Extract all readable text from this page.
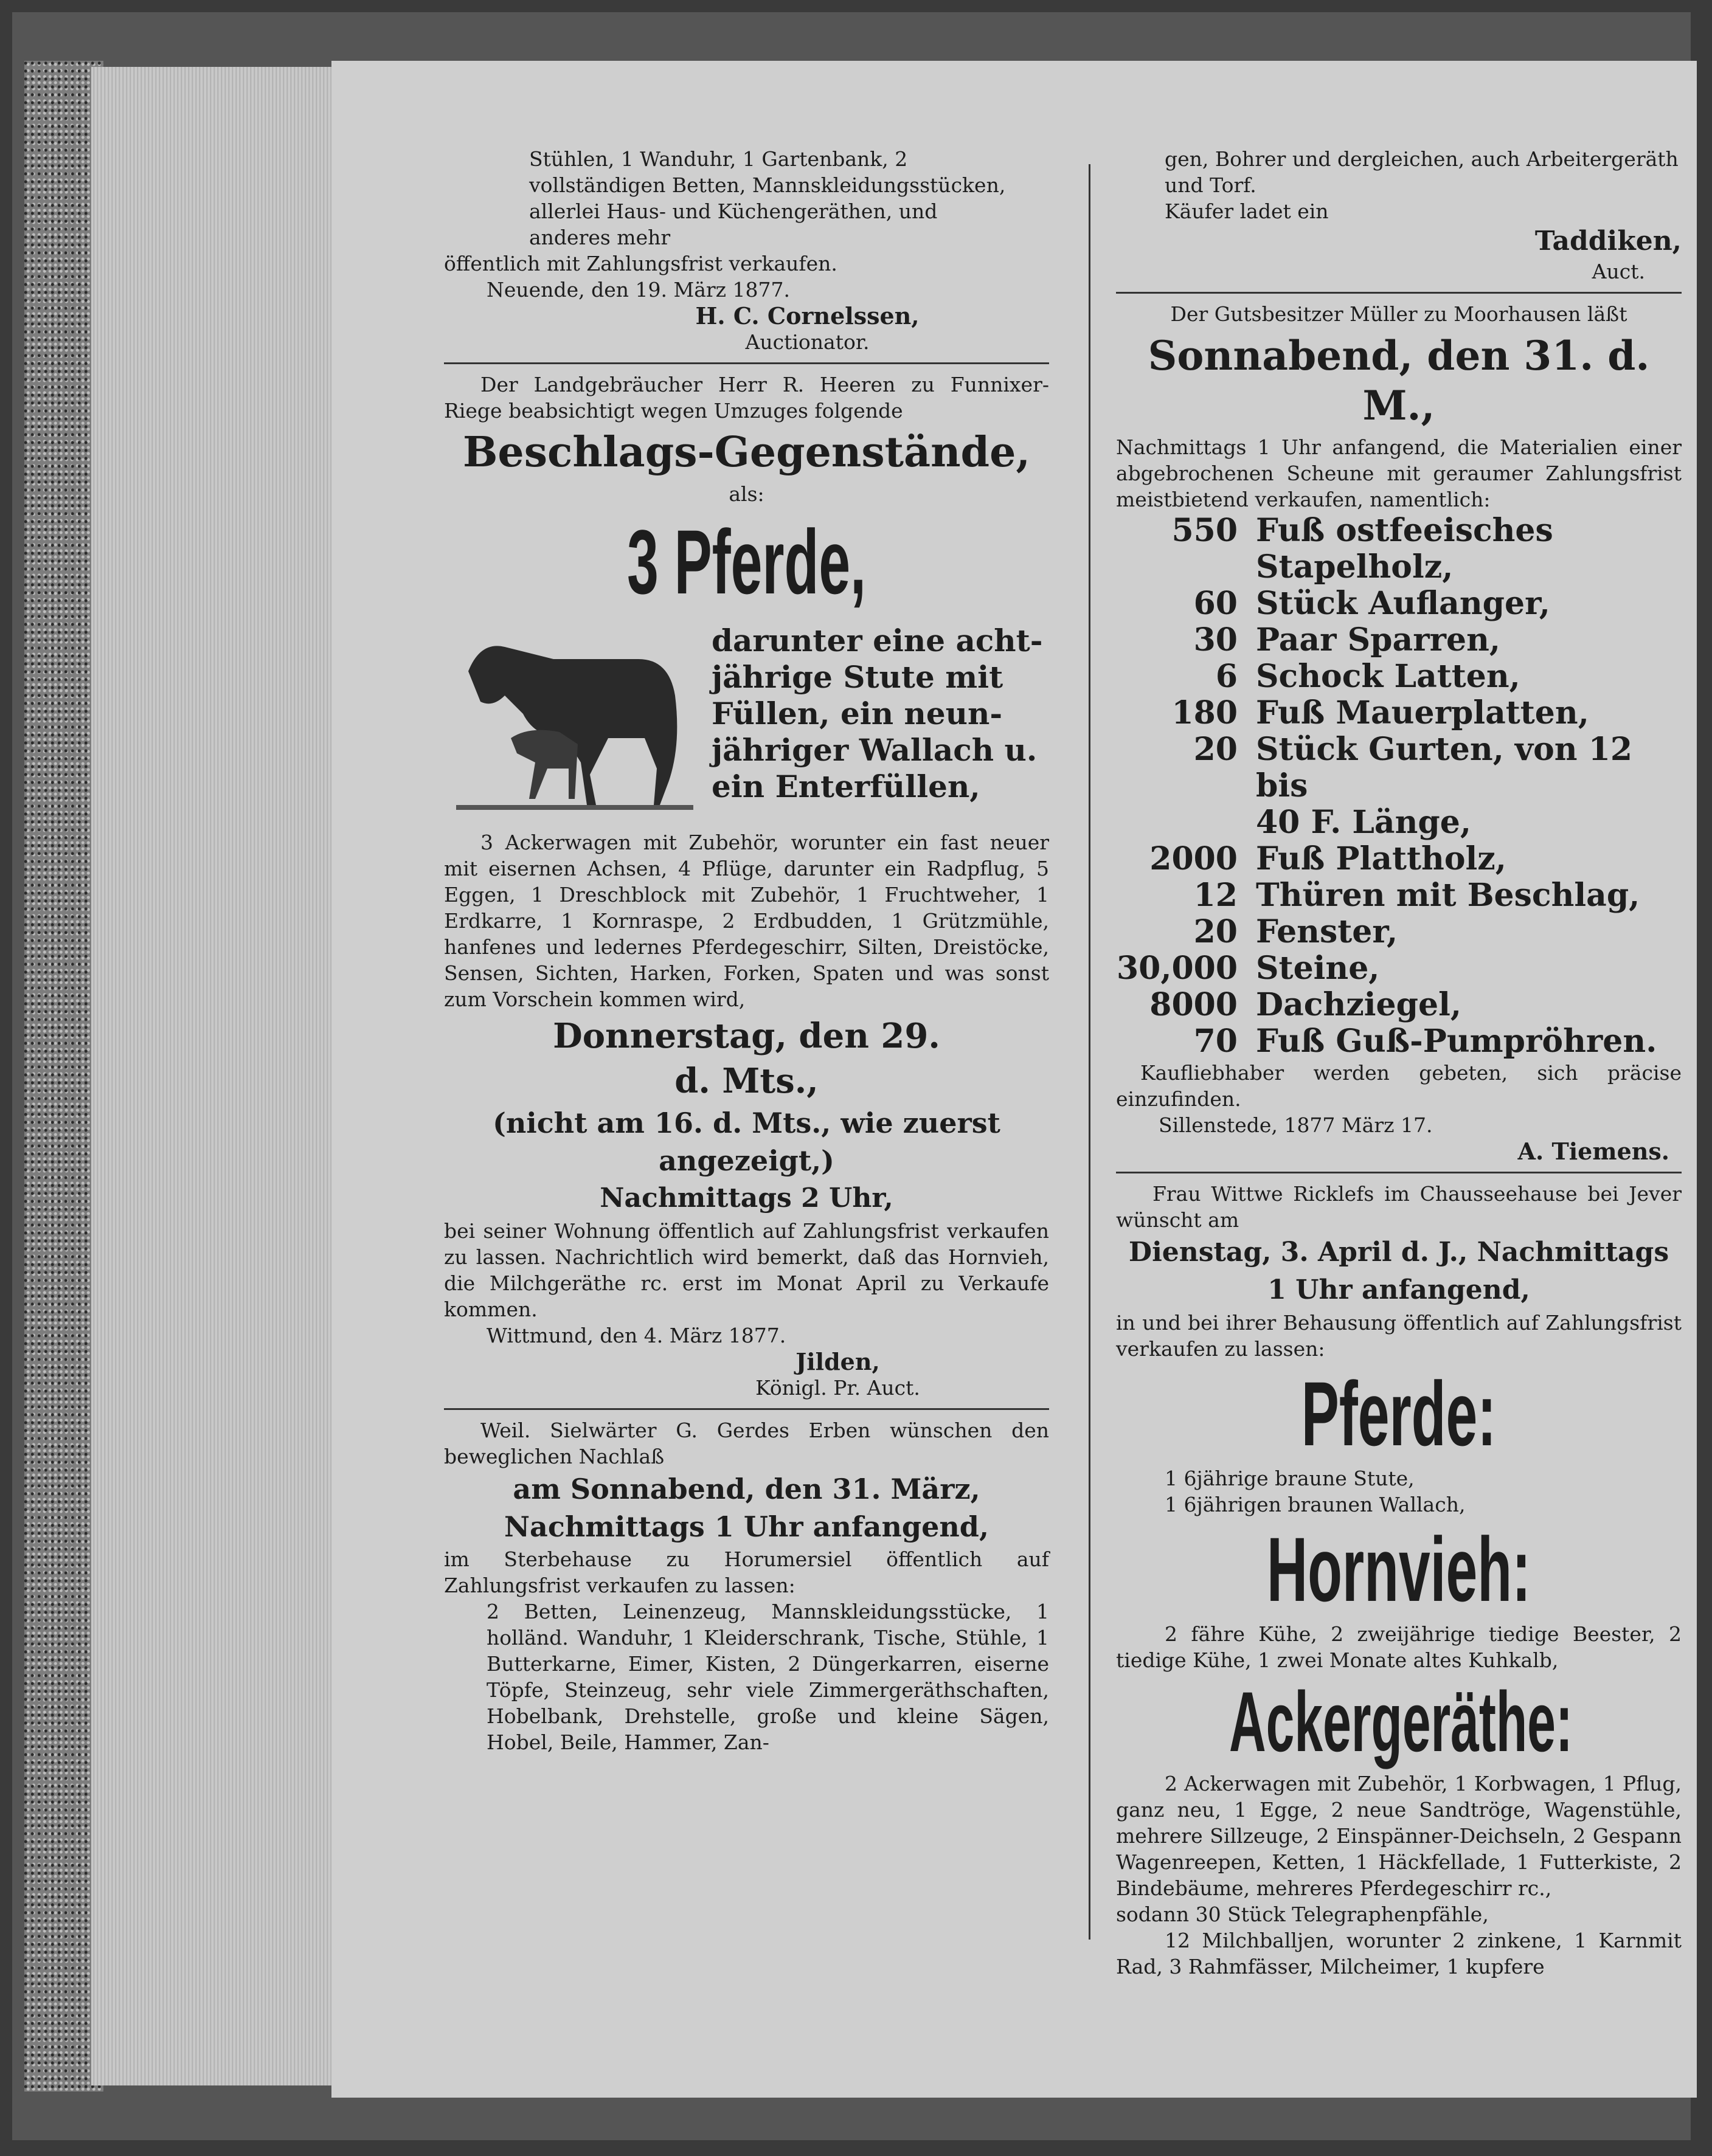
Stühlen, 1 Wanduhr, 1 Gartenbank, 2

vollständigen Betten, Mannskleidungsstücken,

allerlei Haus- und Küchengeräthen, und

anderes mehr

öffentlich mit Zahlungsfrist verkaufen.

Neuende, den 19. März 1877.

H. C. Cornelssen,

Auctionator.

Der Landgebräucher Herr R. Heeren zu Funnixer-Riege beabsichtigt wegen Umzuges folgende

Beschlags-Gegenstände,

als:

3 Pferde,

darunter eine acht-

jährige Stute mit

Füllen, ein neun-

jähriger Wallach u.

ein Enterfüllen,

3 Ackerwagen mit Zubehör, worunter ein fast neuer mit eisernen Achsen, 4 Pflüge, darunter ein Radpflug, 5 Eggen, 1 Dreschblock mit Zubehör, 1 Fruchtweher, 1 Erdkarre, 1 Kornraspe, 2 Erdbudden, 1 Grützmühle, hanfenes und ledernes Pferdegeschirr, Silten, Dreistöcke, Sensen, Sichten, Harken, Forken, Spaten und was sonst zum Vorschein kommen wird,

Donnerstag, den 29.

d. Mts.,

(nicht am 16. d. Mts., wie zuerst

angezeigt,)

Nachmittags 2 Uhr,

bei seiner Wohnung öffentlich auf Zahlungsfrist verkaufen zu lassen. Nachrichtlich wird bemerkt, daß das Hornvieh, die Milchgeräthe rc. erst im Monat April zu Verkaufe kommen.

Wittmund, den 4. März 1877.

Jilden,

Königl. Pr. Auct.

Weil. Sielwärter G. Gerdes Erben wünschen den beweglichen Nachlaß

am Sonnabend, den 31. März,

Nachmittags 1 Uhr anfangend,

im Sterbehause zu Horumersiel öffentlich auf Zahlungsfrist verkaufen zu lassen:

2 Betten, Leinenzeug, Mannskleidungsstücke, 1 holländ. Wanduhr, 1 Kleiderschrank, Tische, Stühle, 1 Butterkarne, Eimer, Kisten, 2 Düngerkarren, eiserne Töpfe, Steinzeug, sehr viele Zimmergeräthschaften, Hobelbank, Drehstelle, große und kleine Sägen, Hobel, Beile, Hammer, Zan-

gen, Bohrer und dergleichen, auch Arbeitergeräth

und Torf.

Käufer ladet ein

Taddiken,

Auct.

Der Gutsbesitzer Müller zu Moorhausen läßt

Sonnabend, den 31. d. M.,

Nachmittags 1 Uhr anfangend, die Materialien einer abgebrochenen Scheune mit geraumer Zahlungsfrist meistbietend verkaufen, namentlich:

550 Fuß ostfeeisches Stapelholz,
60 Stück Auflanger,
30 Paar Sparren,
6 Schock Latten,
180 Fuß Mauerplatten,
20 Stück Gurten, von 12 bis
40 F. Länge,
2000 Fuß Plattholz,
12 Thüren mit Beschlag,
20 Fenster,
30,000 Steine,
8000 Dachziegel,
70 Fuß Guß-Pumpröhren.

Kaufliebhaber werden gebeten, sich präcise einzufinden.

Sillenstede, 1877 März 17.

A. Tiemens.

Frau Wittwe Ricklefs im Chausseehause bei Jever wünscht am

Dienstag, 3. April d. J., Nachmittags

1 Uhr anfangend,

in und bei ihrer Behausung öffentlich auf Zahlungsfrist verkaufen zu lassen:

Pferde:

1 6jährige braune Stute,

1 6jährigen braunen Wallach,

Hornvieh:

2 fähre Kühe, 2 zweijährige tiedige Beester, 2 tiedige Kühe, 1 zwei Monate altes Kuhkalb,

Ackergeräthe:

2 Ackerwagen mit Zubehör, 1 Korbwagen, 1 Pflug, ganz neu, 1 Egge, 2 neue Sandtröge, Wagenstühle, mehrere Sillzeuge, 2 Einspänner-Deichseln, 2 Gespann Wagenreepen, Ketten, 1 Häckfellade, 1 Futterkiste, 2 Bindebäume, mehreres Pferdegeschirr rc.,

sodann 30 Stück Telegraphenpfähle,

12 Milchballjen, worunter 2 zinkene, 1 Karnmit Rad, 3 Rahmfässer, Milcheimer, 1 kupfere
